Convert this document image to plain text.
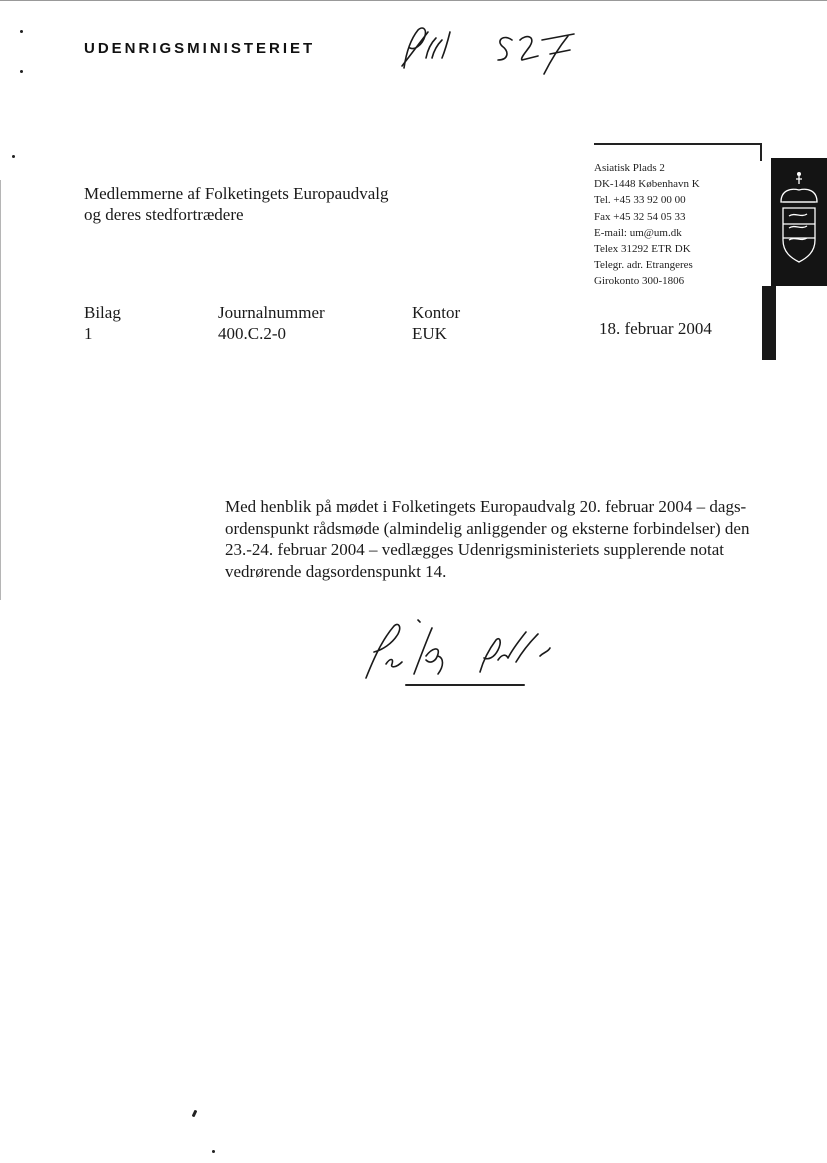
UDENRIGSMINISTERIET
Medlemmerne af Folketingets Europaudvalg
og deres stedfortrædere
Asiatisk Plads 2
DK-1448 København K
Tel. +45 33 92 00 00
Fax +45 32 54 05 33
E-mail: um@um.dk
Telex 31292 ETR DK
Telegr. adr. Etrangeres
Girokonto 300-1806
Bilag
1
Journalnummer
400.C.2-0
Kontor
EUK	18. februar 2004
Med henblik på mødet i Folketingets Europaudvalg 20. februar 2004 – dags-
ordenspunkt rådsmøde (almindelig anliggender og eksterne forbindelser) den
23.-24. februar 2004 – vedlægges Udenrigsministeriets supplerende notat
vedrørende dagsordenspunkt 14.
